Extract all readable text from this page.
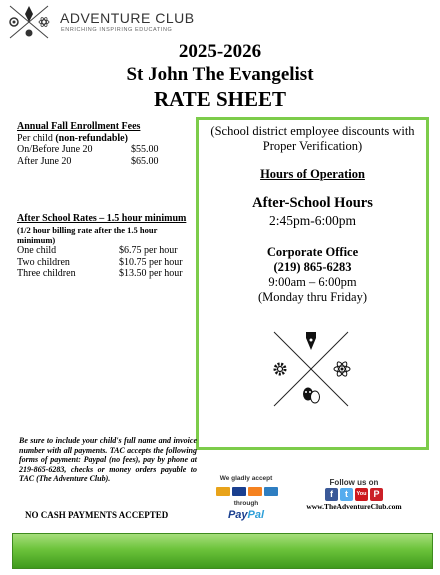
ADVENTURE CLUB
ENRICHING INSPIRING EDUCATING
2025-2026
St John The Evangelist
RATE SHEET
Annual Fall Enrollment Fees
Per child (non-refundable)
On/Before June 20	$55.00
After June 20	$65.00
After School Rates – 1.5 hour minimum
(1/2 hour billing rate after the 1.5 hour minimum)
One child	$6.75 per hour
Two children	$10.75 per hour
Three children	$13.50 per hour
(School district employee discounts with Proper Verification)
Hours of Operation
After-School Hours
2:45pm-6:00pm
Corporate Office
(219) 865-6283
9:00am – 6:00pm
(Monday thru Friday)
Be sure to include your child's full name and invoice number with all payments. TAC accepts the following forms of payment: Paypal (no fees), pay by phone at 219-865-6283, checks or money orders payable to TAC (The Adventure Club).
NO CASH PAYMENTS ACCEPTED
We gladly accept
through
PayPal
Follow us on
f	t	You P
www.TheAdventureClub.com
